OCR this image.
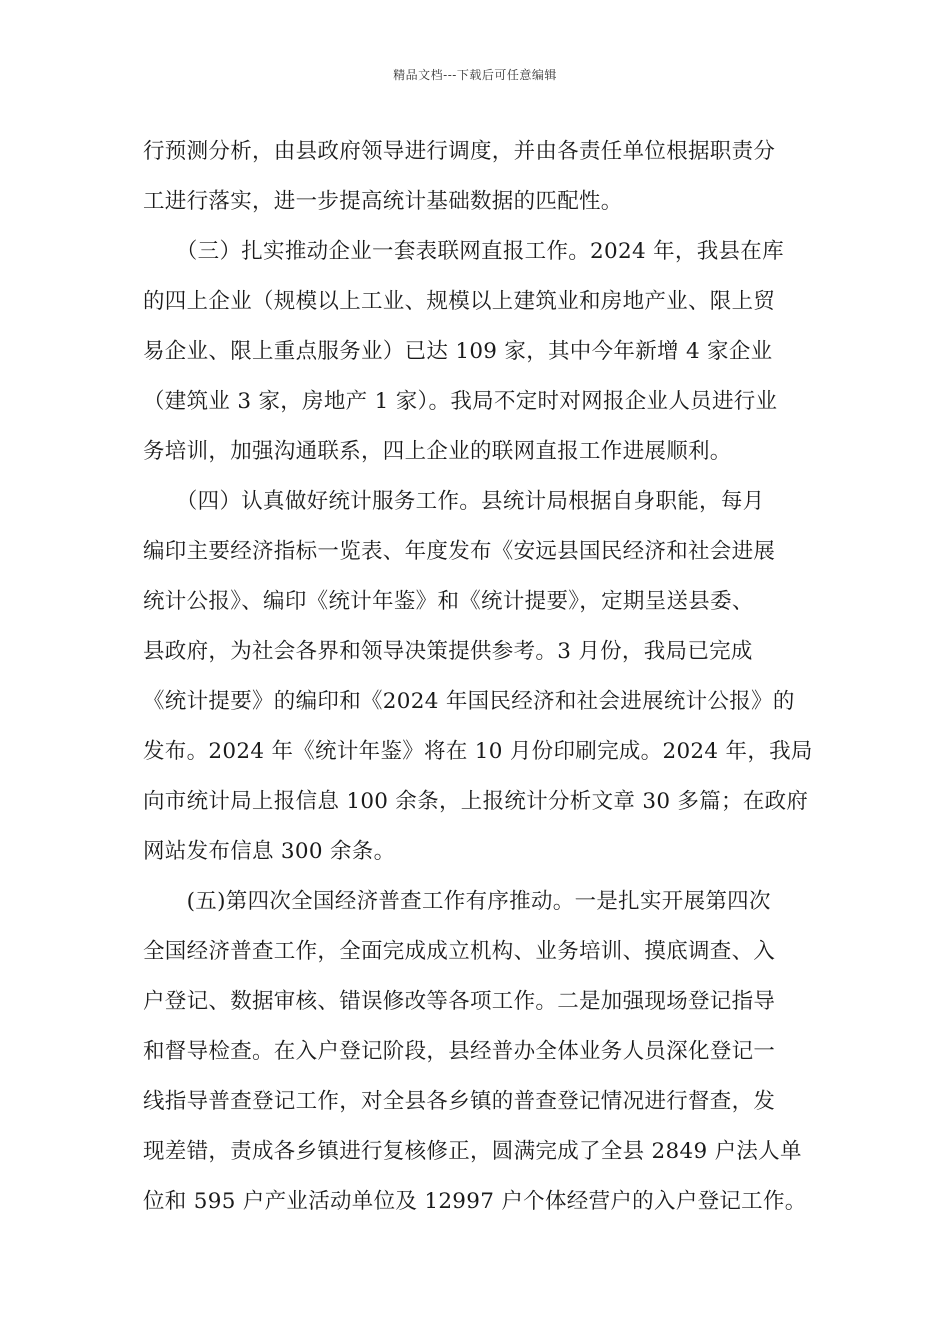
精品文档---下载后可任意编辑
行预测分析，由县政府领导进行调度，并由各责任单位根据职责分
工进行落实，进一步提高统计基础数据的匹配性。
　　（三）扎实推动企业一套表联网直报工作。2024 年，我县在库
的四上企业（规模以上工业、规模以上建筑业和房地产业、限上贸
易企业、限上重点服务业）已达 109 家，其中今年新增 4 家企业
（建筑业 3 家，房地产 1 家）。我局不定时对网报企业人员进行业
务培训，加强沟通联系，四上企业的联网直报工作进展顺利。
　　（四）认真做好统计服务工作。县统计局根据自身职能，每月
编印主要经济指标一览表、年度发布《安远县国民经济和社会进展
统计公报》、编印《统计年鉴》和《统计提要》，定期呈送县委、
县政府，为社会各界和领导决策提供参考。3 月份，我局已完成
《统计提要》的编印和《2024 年国民经济和社会进展统计公报》的
发布。2024 年《统计年鉴》将在 10 月份印刷完成。2024 年，我局
向市统计局上报信息 100 余条，上报统计分析文章 30 多篇；在政府
网站发布信息 300 余条。
　　(五)第四次全国经济普查工作有序推动。一是扎实开展第四次
全国经济普查工作，全面完成成立机构、业务培训、摸底调查、入
户登记、数据审核、错误修改等各项工作。二是加强现场登记指导
和督导检查。在入户登记阶段，县经普办全体业务人员深化登记一
线指导普查登记工作，对全县各乡镇的普查登记情况进行督查，发
现差错，责成各乡镇进行复核修正，圆满完成了全县 2849 户法人单
位和 595 户产业活动单位及 12997 户个体经营户的入户登记工作。
